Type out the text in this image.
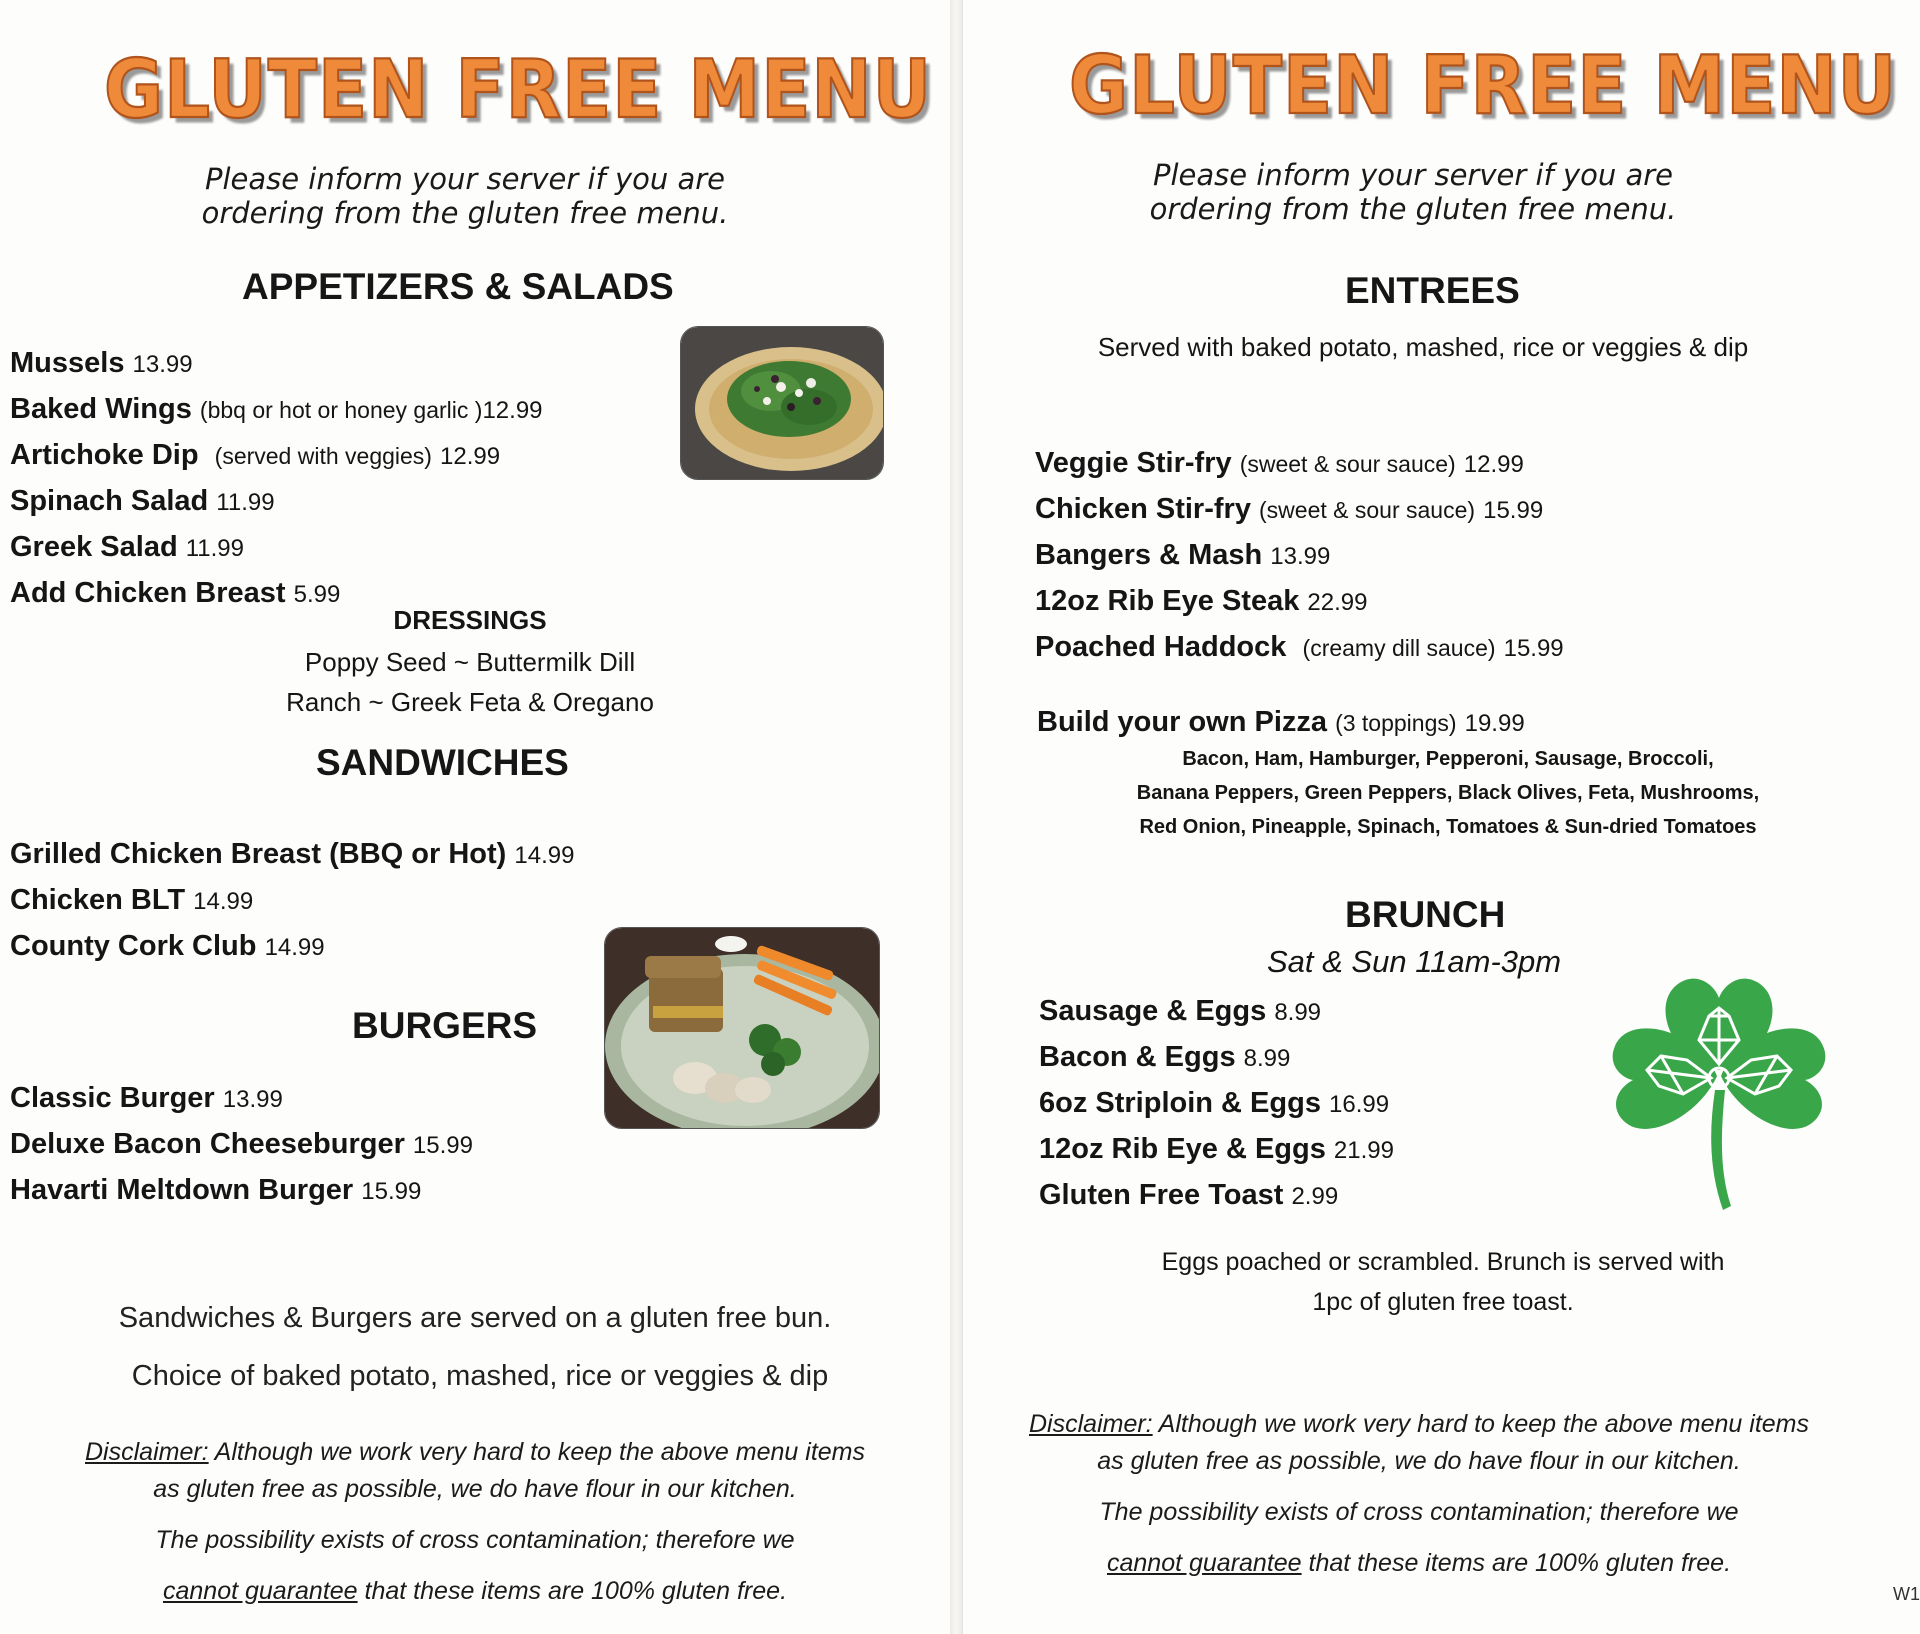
GLUTEN FREE MENU
Please inform your server if you are
ordering from the gluten free menu.
APPETIZERS & SALADS
Mussels 13.99
Baked Wings (bbq or hot or honey garlic )12.99
Artichoke Dip (served with veggies) 12.99
Spinach Salad 11.99
Greek Salad 11.99
Add Chicken Breast 5.99
DRESSINGS
Poppy Seed ~ Buttermilk Dill
Ranch ~ Greek Feta & Oregano
SANDWICHES
Grilled Chicken Breast (BBQ or Hot) 14.99
Chicken BLT 14.99
County Cork Club 14.99
BURGERS
Classic Burger 13.99
Deluxe Bacon Cheeseburger 15.99
Havarti Meltdown Burger 15.99
Sandwiches & Burgers are served on a gluten free bun.
Choice of baked potato, mashed, rice or veggies & dip
Disclaimer: Although we work very hard to keep the above menu items
as gluten free as possible, we do have flour in our kitchen.
The possibility exists of cross contamination; therefore we
cannot guarantee that these items are 100% gluten free.
GLUTEN FREE MENU
Please inform your server if you are
ordering from the gluten free menu.
ENTREES
Served with baked potato, mashed, rice or veggies & dip
Veggie Stir-fry (sweet & sour sauce) 12.99
Chicken Stir-fry (sweet & sour sauce) 15.99
Bangers & Mash 13.99
12oz Rib Eye Steak 22.99
Poached Haddock (creamy dill sauce) 15.99
Build your own Pizza (3 toppings) 19.99
Bacon, Ham, Hamburger, Pepperoni, Sausage, Broccoli,
Banana Peppers, Green Peppers, Black Olives, Feta, Mushrooms,
Red Onion, Pineapple, Spinach, Tomatoes & Sun-dried Tomatoes
BRUNCH
Sat & Sun 11am-3pm
Sausage & Eggs 8.99
Bacon & Eggs 8.99
6oz Striploin & Eggs 16.99
12oz Rib Eye & Eggs 21.99
Gluten Free Toast 2.99
Eggs poached or scrambled. Brunch is served with
1pc of gluten free toast.
Disclaimer: Although we work very hard to keep the above menu items
as gluten free as possible, we do have flour in our kitchen.
The possibility exists of cross contamination; therefore we
cannot guarantee that these items are 100% gluten free.
W1
